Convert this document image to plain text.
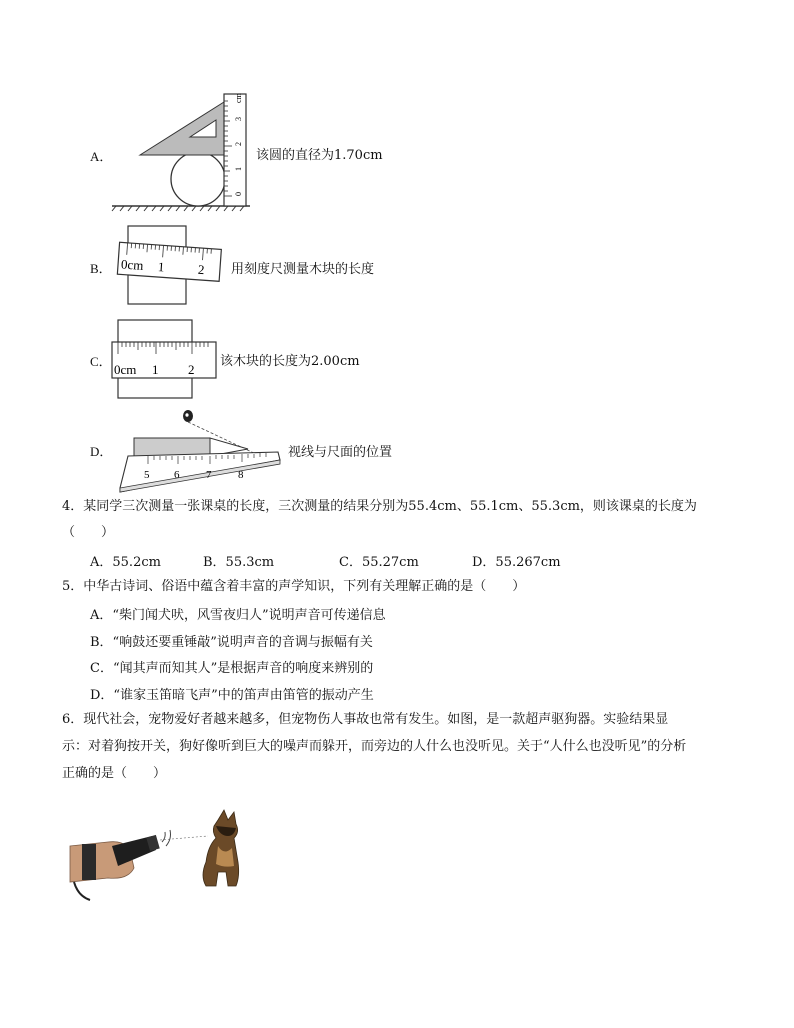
A．
0
1
2
3
cm
该圆的直径为1.70cm
B． 0cm 1 2 用刻度尺测量木块的长度
C．
0cm 1 2
该木块的长度为2.00cm
D．
5 6 7 8
视线与尺面的位置
4．某同学三次测量一张课桌的长度，三次测量的结果分别为55.4cm、55.1cm、55.3cm，则该课桌的长度为
（　　）
A．55.2cm	B．55.3cm	C．55.27cm	D．55.267cm
5．中华古诗词、俗语中蕴含着丰富的声学知识，下列有关理解正确的是（　　）
A．“柴门闻犬吠，风雪夜归人”说明声音可传递信息
B．“响鼓还要重锤敲”说明声音的音调与振幅有关
C．“闻其声而知其人”是根据声音的响度来辨别的
D．“谁家玉笛暗飞声”中的笛声由笛管的振动产生
6．现代社会，宠物爱好者越来越多，但宠物伤人事故也常有发生。如图，是一款超声驱狗器。实验结果显
示：对着狗按开关，狗好像听到巨大的噪声而躲开，而旁边的人什么也没听见。关于“人什么也没听见”的分析
正确的是（　　）
